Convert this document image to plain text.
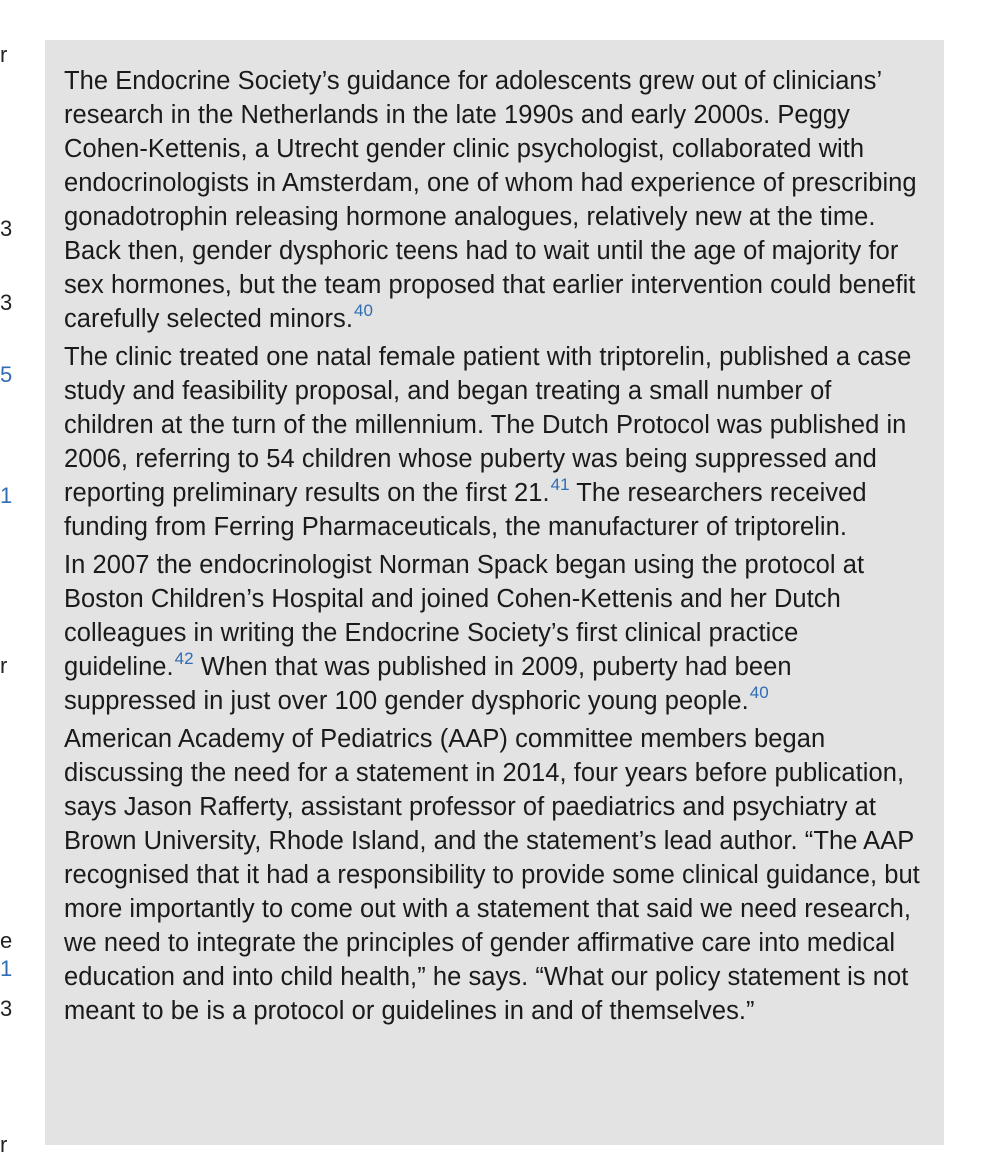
r
3
3
5
1
r
e
1
3
r

The Endocrine Society’s guidance for adolescents grew out of clinicians’ research in the Netherlands in the late 1990s and early 2000s. Peggy Cohen-Kettenis, a Utrecht gender clinic psychologist, collaborated with endocrinologists in Amsterdam, one of whom had experience of prescribing gonadotrophin releasing hormone analogues, relatively new at the time. Back then, gender dysphoric teens had to wait until the age of majority for sex hormones, but the team proposed that earlier intervention could benefit carefully selected minors.$^{40}$

The clinic treated one natal female patient with triptorelin, published a case study and feasibility proposal, and began treating a small number of children at the turn of the millennium. The Dutch Protocol was published in 2006, referring to 54 children whose puberty was being suppressed and reporting preliminary results on the first 21.41 The researchers received funding from Ferring Pharmaceuticals, the manufacturer of triptorelin.

In 2007 the endocrinologist Norman Spack began using the protocol at Boston Children’s Hospital and joined Cohen-Kettenis and her Dutch colleagues in writing the Endocrine Society’s first clinical practice guideline.$^{42}$ When that was published in 2009, puberty had been suppressed in just over 100 gender dysphoric young people.$^{40}$

American Academy of Pediatrics (AAP) committee members began discussing the need for a statement in 2014, four years before publication, says Jason Rafferty, assistant professor of paediatrics and psychiatry at Brown University, Rhode Island, and the statement’s lead author. “The AAP recognised that it had a responsibility to provide some clinical guidance, but more importantly to come out with a statement that said we need research, we need to integrate the principles of gender affirmative care into medical education and into child health,” he says. “What our policy statement is not meant to be is a protocol or guidelines in and of themselves.”
